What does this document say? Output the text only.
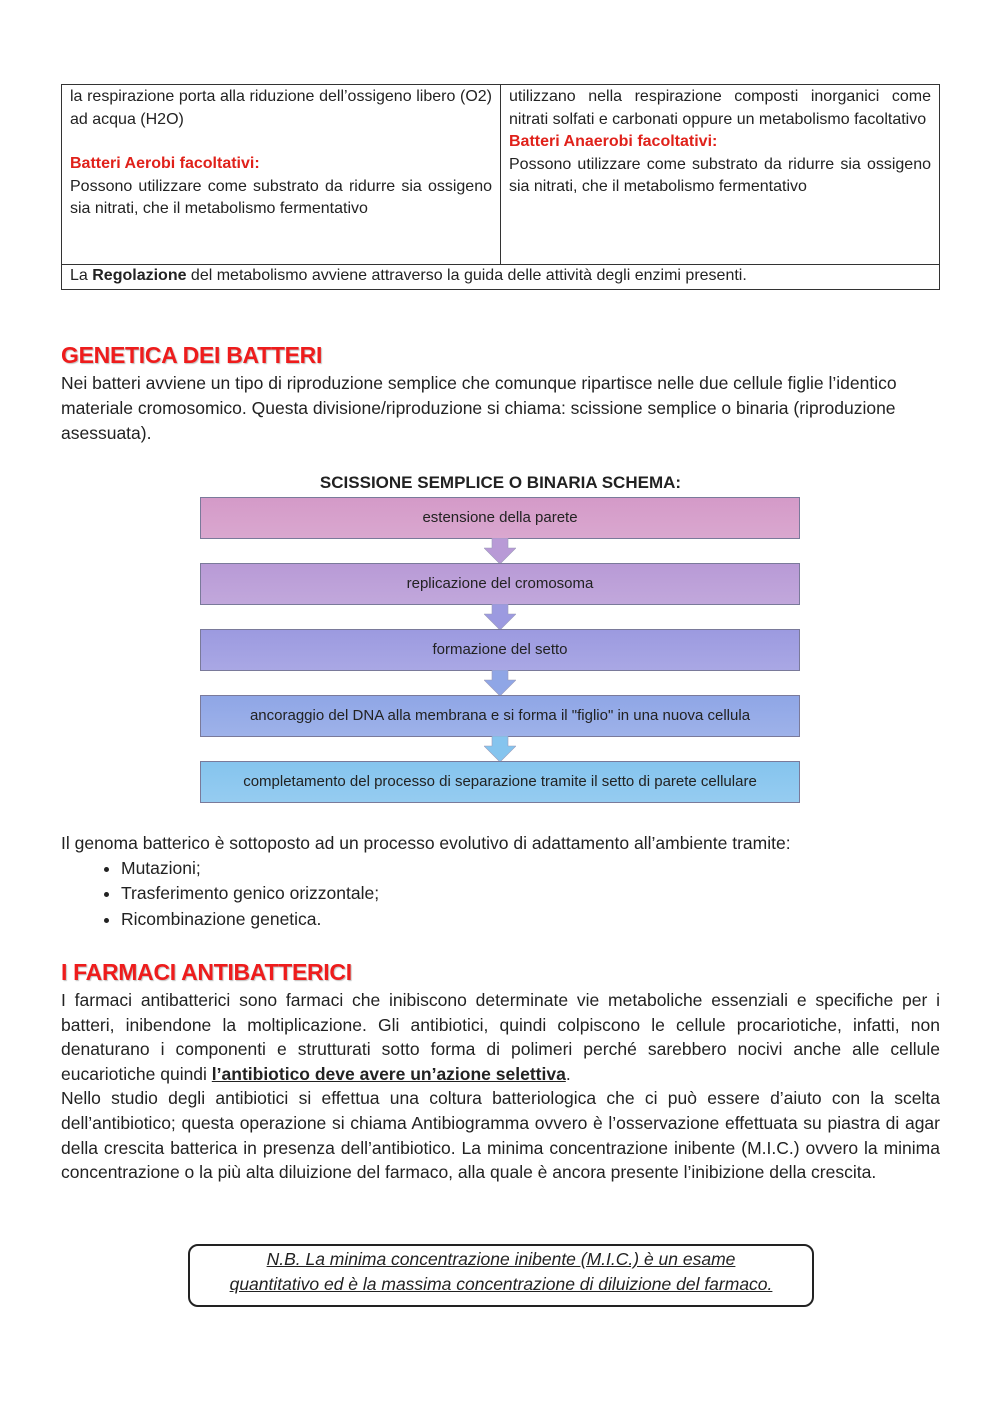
la respirazione porta alla riduzione dell’ossigeno libero (O2) ad acqua (H2O)
Batteri Aerobi facoltativi:
Possono utilizzare come substrato da ridurre sia ossigeno sia nitrati, che il metabolismo fermentativo

utilizzano nella respirazione composti inorganici come nitrati solfati e carbonati oppure un metabolismo facoltativo
Batteri Anaerobi facoltativi:
Possono utilizzare come substrato da ridurre sia ossigeno sia nitrati, che il metabolismo fermentativo

La Regolazione del metabolismo avviene attraverso la guida delle attività degli enzimi presenti.
GENETICA DEI BATTERI

Nei batteri avviene un tipo di riproduzione semplice che comunque ripartisce nelle due cellule figlie l’identico materiale cromosomico. Questa divisione/riproduzione si chiama: scissione semplice o binaria (riproduzione asessuata).

SCISSIONE SEMPLICE O BINARIA SCHEMA:

estensione della parete
replicazione del cromosoma
formazione del setto
ancoraggio del DNA alla membrana e si forma il "figlio" in una nuova cellula
completamento del processo di separazione tramite il setto di parete cellulare

Il genoma batterico è sottoposto ad un processo evolutivo di adattamento all’ambiente tramite:

• Mutazioni;
• Trasferimento genico orizzontale;
• Ricombinazione genetica.
I FARMACI ANTIBATTERICI

I farmaci antibatterici sono farmaci che inibiscono determinate vie metaboliche essenziali e specifiche per i batteri, inibendone la moltiplicazione. Gli antibiotici, quindi colpiscono le cellule procariotiche, infatti, non denaturano i componenti e strutturati sotto forma di polimeri perché sarebbero nocivi anche alle cellule eucariotiche quindi l’antibiotico deve avere un’azione selettiva.

Nello studio degli antibiotici si effettua una coltura batteriologica che ci può essere d’aiuto con la scelta dell’antibiotico; questa operazione si chiama Antibiogramma ovvero è l’osservazione effettuata su piastra di agar della crescita batterica in presenza dell’antibiotico. La minima concentrazione inibente (M.I.C.) ovvero la minima concentrazione o la più alta diluizione del farmaco, alla quale è ancora presente l’inibizione della crescita.

N.B. La minima concentrazione inibente (M.I.C.) è un esame
quantitativo ed è la massima concentrazione di diluizione del farmaco.
